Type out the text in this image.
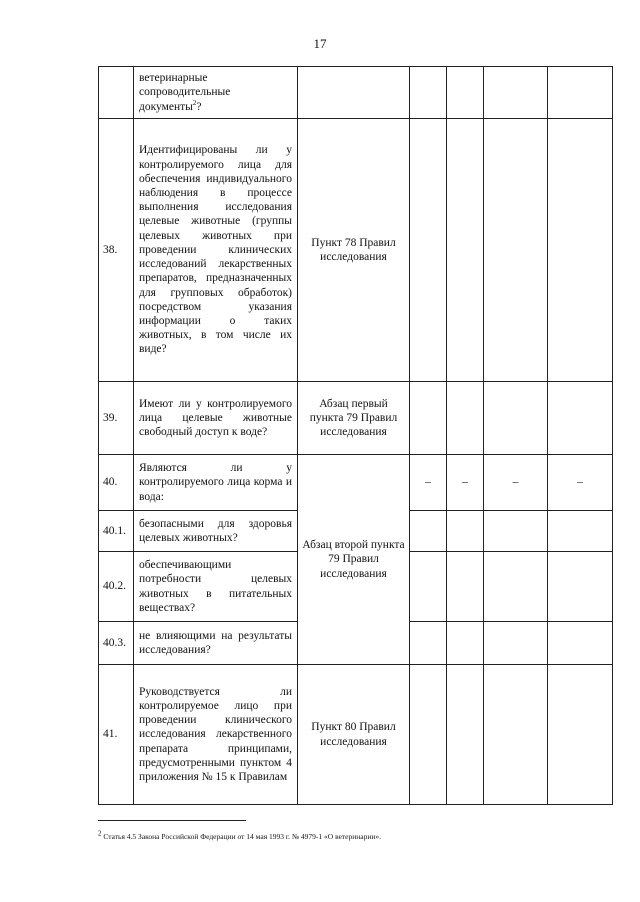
17
	ветеринарные сопроводительные документы$^2$?					
38.	Идентифицированы ли у контролируемого лица для обеспечения индивидуального наблюдения в процессе выполнения исследования целевые животные (группы целевых животных при проведении клинических исследований лекарственных препаратов, предназначенных для групповых обработок) посредством указания информации о таких животных, в том числе их виде?	Пункт 78 Правил исследования				
39.	Имеют ли у контролируемого лица целевые животные свободный доступ к воде?	Абзац первый пункта 79 Правил исследования				
40.	Являются ли у контролируемого лица корма и вода:	Абзац второй пункта 79 Правил исследования	–	–	–	–
40.1.	безопасными для здоровья целевых животных?					
40.2.	обеспечивающими потребности целевых животных в питательных веществах?					
40.3.	не влияющими на результаты исследования?					
41.	Руководствуется ли контролируемое лицо при проведении клинического исследования лекарственного препарата принципами, предусмотренными пунктом 4 приложения № 15 к Правилам	Пункт 80 Правил исследования				
2 Статья 4.5 Закона Российской Федерации от 14 мая 1993 г. № 4979-1 «О ветеринарии».
